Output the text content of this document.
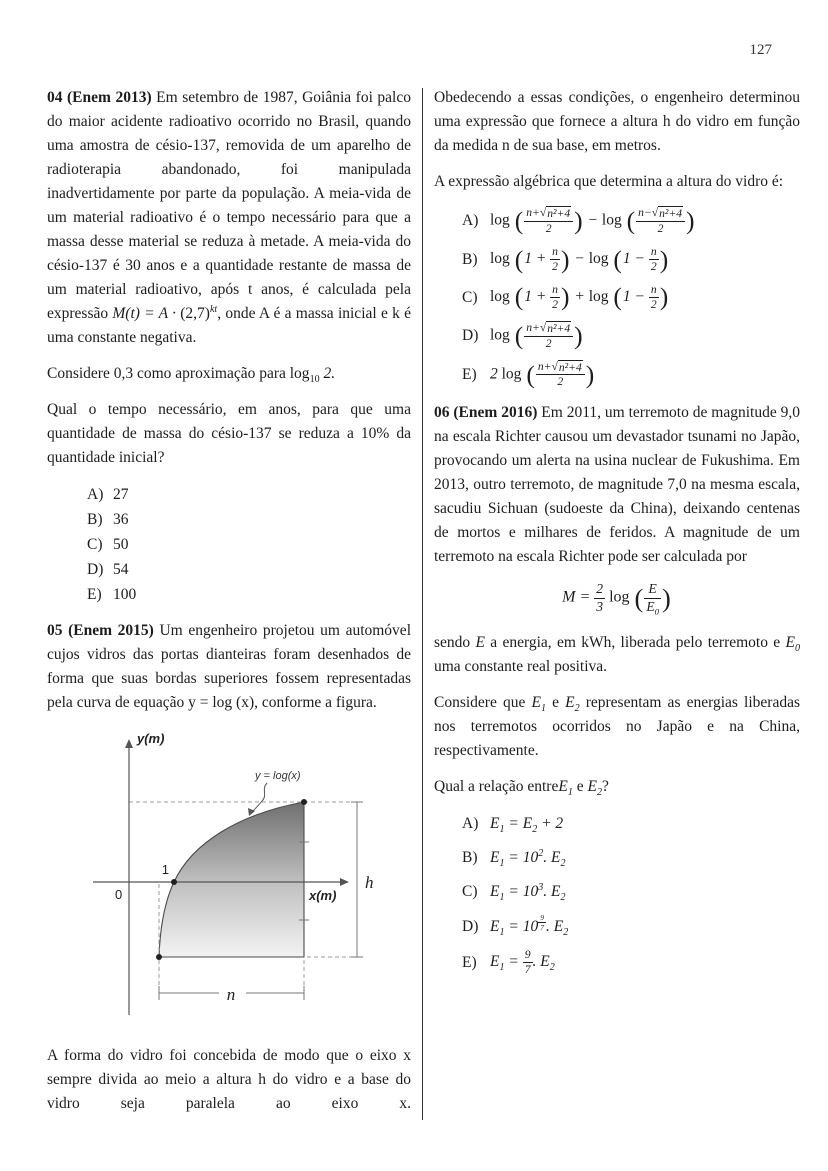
127

04 (Enem 2013) Em setembro de 1987, Goiânia foi palco do maior acidente radioativo ocorrido no Brasil, quando uma amostra de césio-137, removida de um aparelho de radioterapia abandonado, foi manipulada inadvertidamente por parte da população. A meia-vida de um material radioativo é o tempo necessário para que a massa desse material se reduza à metade. A meia-vida do césio-137 é 30 anos e a quantidade restante de massa de um material radioativo, após t anos, é calculada pela expressão $M(t) = A \cdot (2,7)^{kt}$, onde A é a massa inicial e k é uma constante negativa.

Considere 0,3 como aproximação para $\log_{10} 2$.

Qual o tempo necessário, em anos, para que uma quantidade de massa do césio-137 se reduza a 10% da quantidade inicial?

A) 27
B) 36
C) 50
D) 54
E) 100

05 (Enem 2015) Um engenheiro projetou um automóvel cujos vidros das portas dianteiras foram desenhados de forma que suas bordas superiores fossem representadas pela curva de equação y = log (x), conforme a figura.

y(m)
x(m)
0
1
h
n
y = log(x)

A forma do vidro foi concebida de modo que o eixo x sempre divida ao meio a altura h do vidro e a base do vidro seja paralela ao eixo x.

Obedecendo a essas condições, o engenheiro determinou uma expressão que fornece a altura h do vidro em função da medida n de sua base, em metros.

A expressão algébrica que determina a altura do vidro é:

A) log ( $\frac{\text{n+ √ n²+4}}{2}$ ) − log ( $\frac{\text{n− √ n²+4}}{2}$ )
B) $\log (1 + \frac{n}{2}$ ) − $\log (1 - \frac{n}{2}$ )
C) $\log (1 + \frac{n}{2}$ ) + $\log (1 - \frac{n}{2}$ )
D) log ( $\frac{\text{n+ √ n²+4}}{2}$ )
E) 2 log ( $\frac{\text{n+ √ n²+4}}{2}$ )

06 (Enem 2016) Em 2011, um terremoto de magnitude 9,0 na escala Richter causou um devastador tsunami no Japão, provocando um alerta na usina nuclear de Fukushima. Em 2013, outro terremoto, de magnitude 7,0 na mesma escala, sacudiu Sichuan (sudoeste da China), deixando centenas de mortos e milhares de feridos. A magnitude de um terremoto na escala Richter pode ser calculada por

$M = \frac{2}{3}$ log ( $\frac{E}{E_0}$ )

sendo E a energia, em kWh, liberada pelo terremoto e $E_0$ uma constante real positiva.

Considere que $E_1$ e $E_2$ representam as energias liberadas nos terremotos ocorridos no Japão e na China, respectivamente.

Qual a relação entreE$_1$ e $E_2$?

A) $E_1 = E_2 + 2$
B) $E_1 = 10^2$. $E_2$
C) $E_1 = 10^3$. $E_2$
D) $E_1 = 10$ $^{\frac{9}{7}}$ . $E_2$
E) $E_1 = \frac{9}{7}$ . $E_2$
